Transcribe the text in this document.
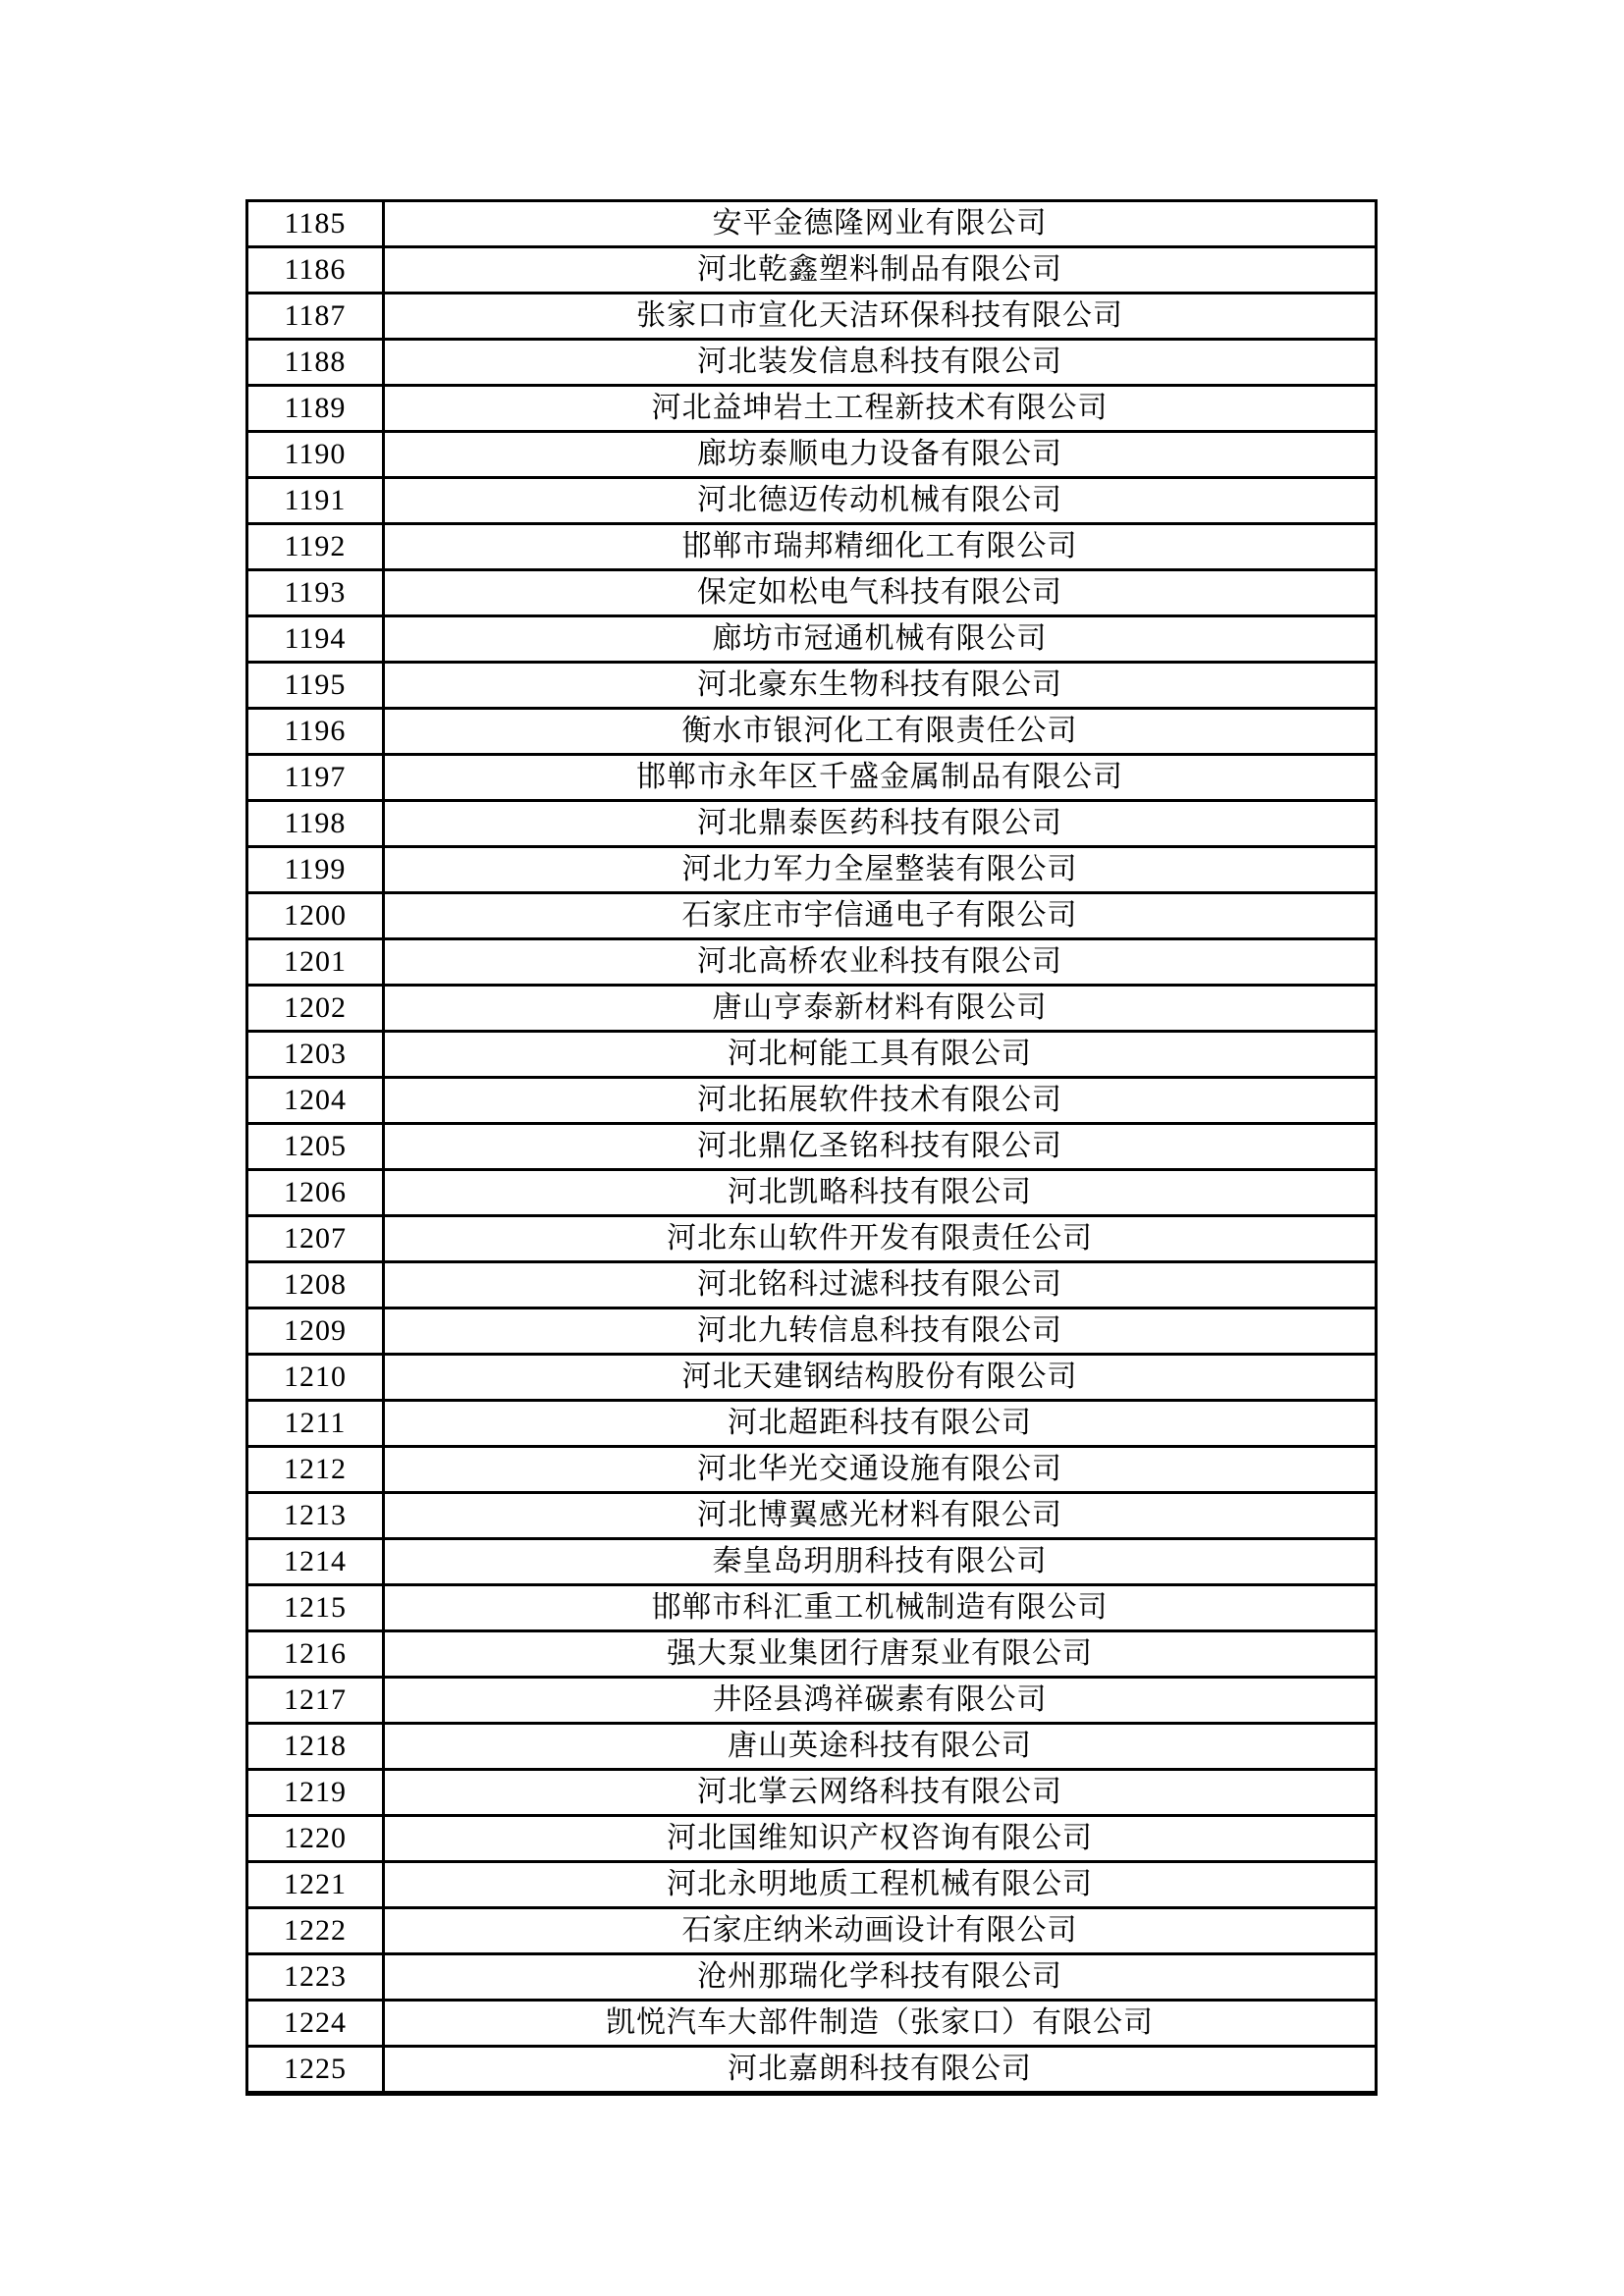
1185	安平金德隆网业有限公司
1186	河北乾鑫塑料制品有限公司
1187	张家口市宣化天洁环保科技有限公司
1188	河北装发信息科技有限公司
1189	河北益坤岩土工程新技术有限公司
1190	廊坊泰顺电力设备有限公司
1191	河北德迈传动机械有限公司
1192	邯郸市瑞邦精细化工有限公司
1193	保定如松电气科技有限公司
1194	廊坊市冠通机械有限公司
1195	河北豪东生物科技有限公司
1196	衡水市银河化工有限责任公司
1197	邯郸市永年区千盛金属制品有限公司
1198	河北鼎泰医药科技有限公司
1199	河北力军力全屋整装有限公司
1200	石家庄市宇信通电子有限公司
1201	河北高桥农业科技有限公司
1202	唐山亨泰新材料有限公司
1203	河北柯能工具有限公司
1204	河北拓展软件技术有限公司
1205	河北鼎亿圣铭科技有限公司
1206	河北凯略科技有限公司
1207	河北东山软件开发有限责任公司
1208	河北铭科过滤科技有限公司
1209	河北九转信息科技有限公司
1210	河北天建钢结构股份有限公司
1211	河北超距科技有限公司
1212	河北华光交通设施有限公司
1213	河北博翼感光材料有限公司
1214	秦皇岛玥朋科技有限公司
1215	邯郸市科汇重工机械制造有限公司
1216	强大泵业集团行唐泵业有限公司
1217	井陉县鸿祥碳素有限公司
1218	唐山英途科技有限公司
1219	河北掌云网络科技有限公司
1220	河北国维知识产权咨询有限公司
1221	河北永明地质工程机械有限公司
1222	石家庄纳米动画设计有限公司
1223	沧州那瑞化学科技有限公司
1224	凯悦汽车大部件制造（张家口）有限公司
1225	河北嘉朗科技有限公司
